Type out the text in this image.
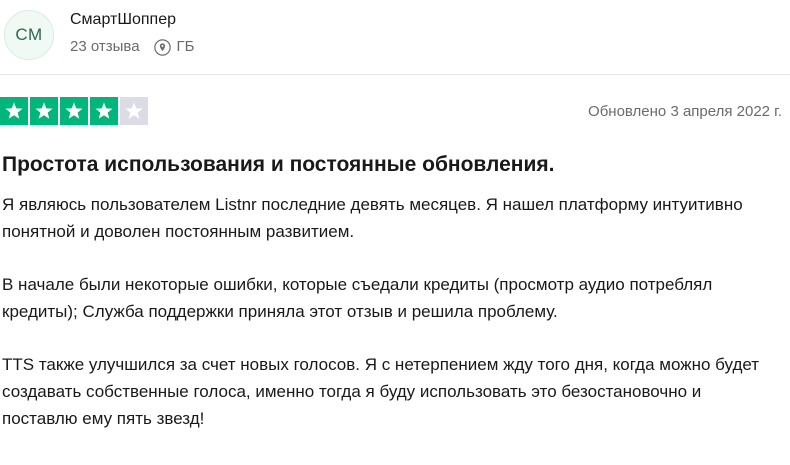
СМ
СмартШоппер
23 отзыва ГБ
Обновлено 3 апреля 2022 г.
Простота использования и постоянные обновления.

Я являюсь пользователем Listnr последние девять месяцев. Я нашел платформу интуитивно понятной и доволен постоянным развитием.

В начале были некоторые ошибки, которые съедали кредиты (просмотр аудио потреблял кредиты); Служба поддержки приняла этот отзыв и решила проблему.

TTS также улучшился за счет новых голосов. Я с нетерпением жду того дня, когда можно будет создавать собственные голоса, именно тогда я буду использовать это безостановочно и поставлю ему пять звезд!
